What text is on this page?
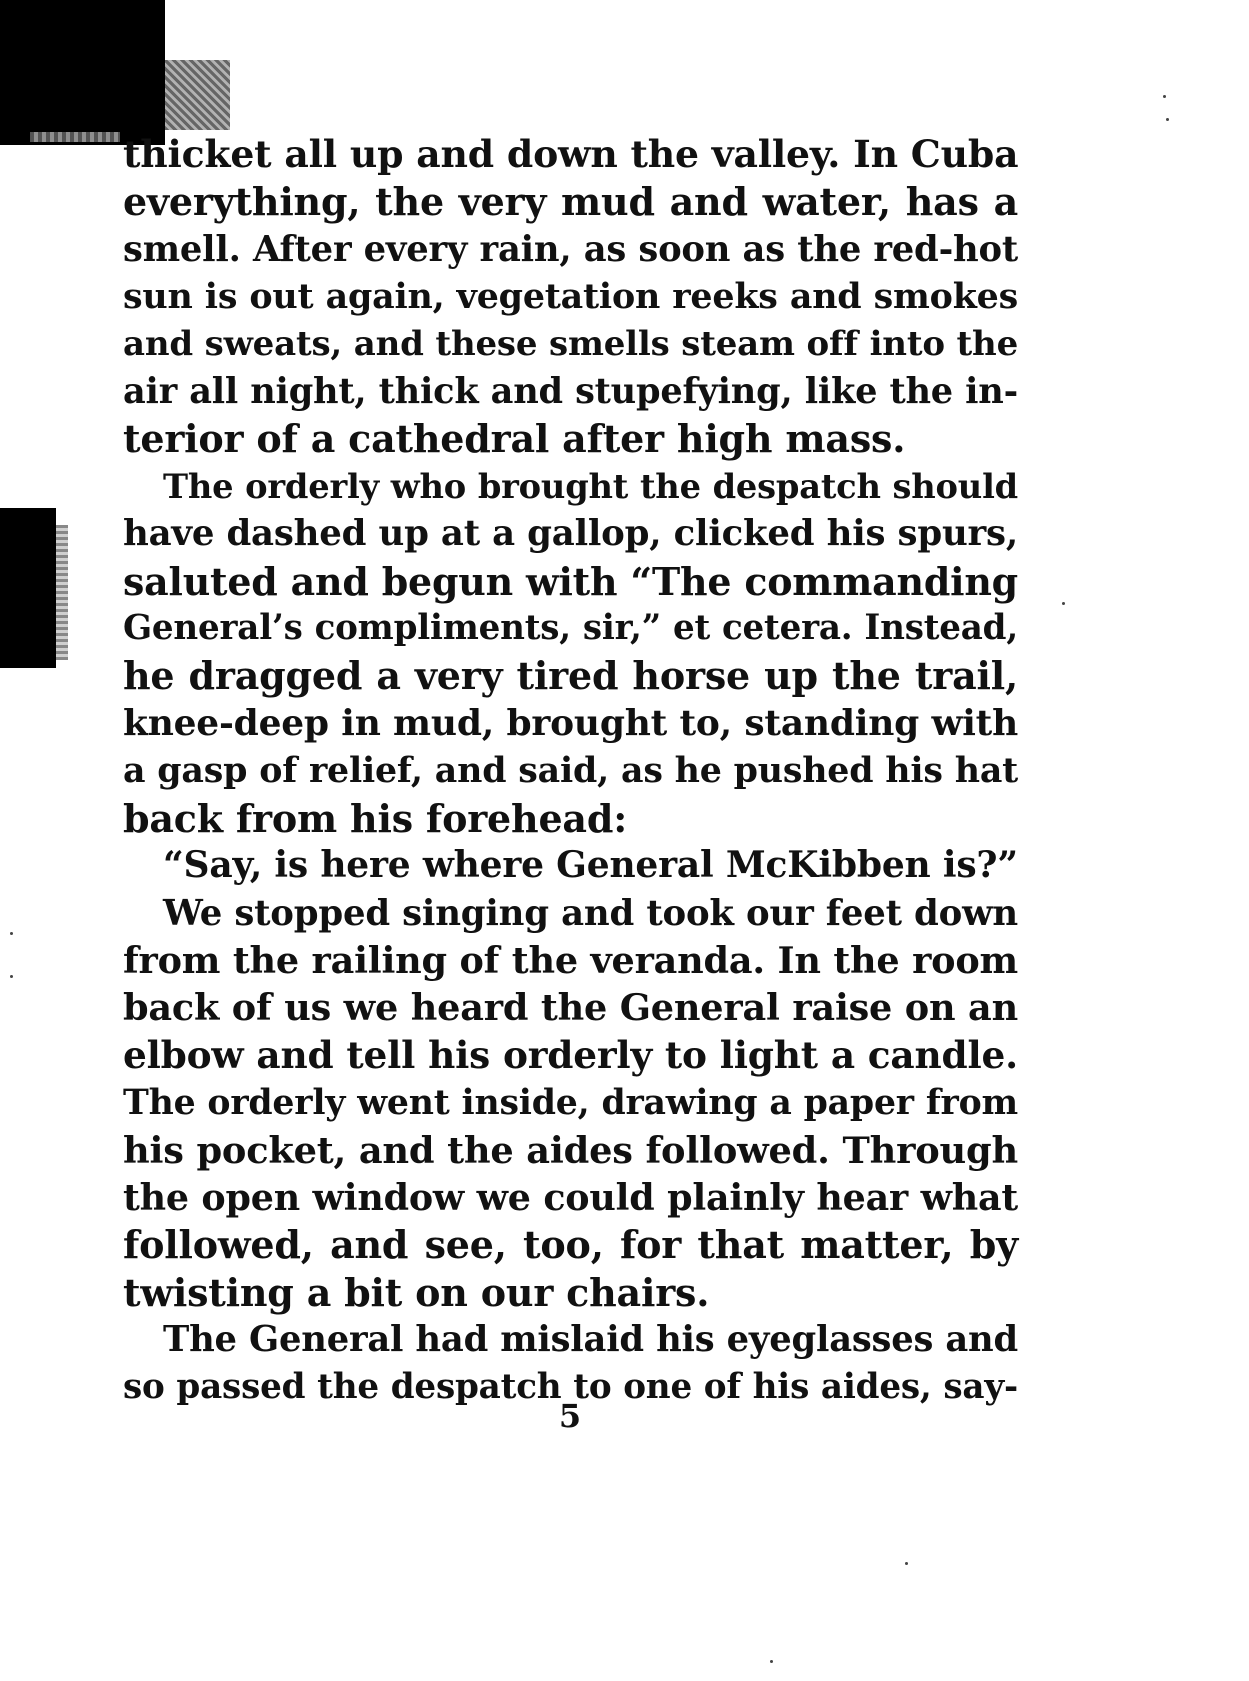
thicket all up and down the valley. In Cuba
everything, the very mud and water, has a
smell. After every rain, as soon as the red-hot
sun is out again, vegetation reeks and smokes
and sweats, and these smells steam off into the
air all night, thick and stupefying, like the in-
terior of a cathedral after high mass.
The orderly who brought the despatch should
have dashed up at a gallop, clicked his spurs,
saluted and begun with “The commanding
General’s compliments, sir,” et cetera. Instead,
he dragged a very tired horse up the trail,
knee-deep in mud, brought to, standing with
a gasp of relief, and said, as he pushed his hat
back from his forehead:
“Say, is here where General McKibben is?”
We stopped singing and took our feet down
from the railing of the veranda. In the room
back of us we heard the General raise on an
elbow and tell his orderly to light a candle.
The orderly went inside, drawing a paper from
his pocket, and the aides followed. Through
the open window we could plainly hear what
followed, and see, too, for that matter, by
twisting a bit on our chairs.
The General had mislaid his eyeglasses and
so passed the despatch to one of his aides, say-
5
